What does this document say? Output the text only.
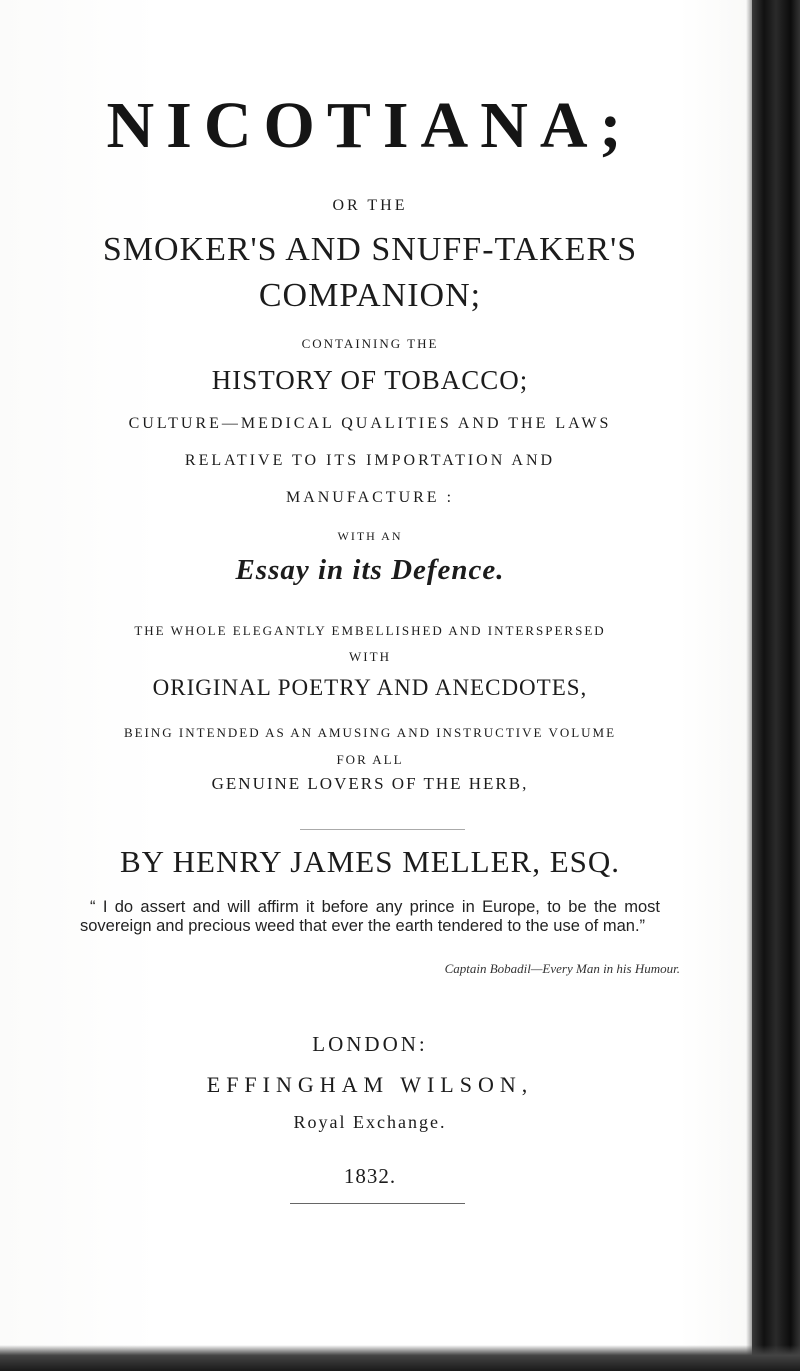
NICOTIANA;
OR THE
SMOKER'S AND SNUFF-TAKER'S
COMPANION;
CONTAINING THE
HISTORY OF TOBACCO;
CULTURE—MEDICAL QUALITIES AND THE LAWS
RELATIVE TO ITS IMPORTATION AND
MANUFACTURE :
WITH AN
Essay in its Defence.
THE WHOLE ELEGANTLY EMBELLISHED AND INTERSPERSED
WITH
ORIGINAL POETRY AND ANECDOTES,
BEING INTENDED AS AN AMUSING AND INSTRUCTIVE VOLUME
FOR ALL
GENUINE LOVERS OF THE HERB,
BY HENRY JAMES MELLER, ESQ.
“ I do assert and will affirm it before any prince in Europe, to be the most sovereign and precious weed that ever the earth tendered to the use of man.”
Captain Bobadil—Every Man in his Humour.
LONDON:
EFFINGHAM WILSON,
Royal Exchange.
1832.
